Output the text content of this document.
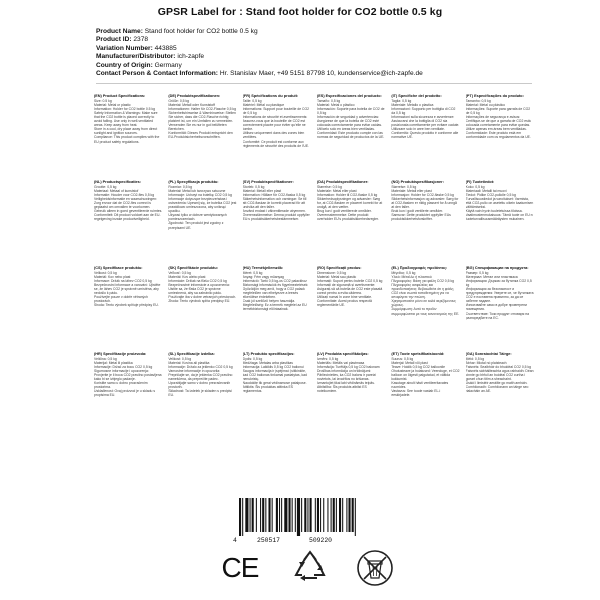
GPSR Label for : Stand foot holder for CO2 bottle 0.5 kg
Product Name: Stand foot holder for CO2 bottle 0.5 kg
Product ID: 2378
Variation Number: 443885
Manufacturer/Distributor: ich-zapfe
Country of Origin: Germany
Contact Person & Contact Information: Hr. Stanislav Maer, +49 5151 87798 10, kundenservice@ich-zapfe.de
(EN) Product Specifications:
Size: 0.5 kg
Material: Metal or plastic
Information: Holder for CO2 bottle 0.5 kg
Safety Information & Warnings: Make sure that the CO2 bottle is placed correctly to avoid falling. Use only in well-ventilated areas. Keep away from heat.
Store in a cool, dry place away from direct sunlight and ignition sources.
Compliance: This product complies with the EU product safety regulations.
(DE) Produktspezifikationen:
Größe: 0,5 kg
Material: Metall oder Kunststoff
Informationen: Halter für CO2-Flasche 0,5 kg
Sicherheitshinweise & Warnhinweise: Stellen Sie sicher, dass die CO2-Flasche richtig platziert ist, um ein Umfallen zu vermeiden.
Verwenden Sie es nur in gut belüfteten Bereichen.
Konformität: Dieses Produkt entspricht den EU-Produktsicherheitsvorschriften.
(FR) Spécifications du produit:
Taille: 0,5 kg
Matériel: Métal ou plastique
Informations: Support pour bouteille de CO2 de 0,5 kg
Informations de sécurité et avertissements: Assurez-vous que la bouteille de CO2 est correctement placée pour éviter qu'elle ne tombe.
Utilisez uniquement dans des zones bien ventilées.
Conformité: Ce produit est conforme aux règlements de sécurité des produits de l'UE.
(ES) Especificaciones del producto:
Tamaño: 0,5 kg
Material: Metal o plástico
Información: Soporte para botella de CO2 de 0,5 kg
Información de seguridad y advertencias: Asegúrese de que la botella de CO2 esté colocada correctamente para evitar caídas.
Utilícelo solo en áreas bien ventiladas.
Conformidad: Este producto cumple con las normas de seguridad de productos de la UE.
(IT) Specifiche del prodotto:
Taglia: 0,5 kg
Materiale: Metallo o plastica
Informazioni: Supporto per bottiglia di CO2 da 0,5 kg
Informazioni sulla sicurezza e avvertenze: Assicurarsi che la bottiglia di CO2 sia posizionata correttamente per evitare cadute.
Utilizzare solo in aree ben ventilate.
Conformità: Questo prodotto è conforme alle normative UE.
(PT) Especificações do produto:
Tamanho: 0,5 kg
Material: Metal ou plástico
Informações: Suporte para garrafa de CO2 de 0,5 kg
Informações de segurança e avisos: Certifique-se de que a garrafa de CO2 está colocada corretamente para evitar quedas.
Utilize apenas em áreas bem ventiladas.
Conformidade: Este produto está em conformidade com os regulamentos da UE.
(NL) Productspecificaties:
Grootte: 0,5 kg
Materiaal: Metaal of kunststof
Informatie: Houder voor CO2-fles 0,5 kg
Veiligheidsinformatie en waarschuwingen: Zorg ervoor dat de CO2-fles correct is geplaatst om omvallen te voorkomen.
Gebruik alleen in goed geventileerde ruimtes.
Conformiteit: Dit product voldoet aan de EU-regelgeving inzake productveiligheid.
(PL) Specyfikacja produktu:
Rozmiar: 0,5 kg
Materiał: Metal lub tworzywo sztuczne
Informacje: Uchwyt na butelkę CO2 0,5 kg
Informacje dotyczące bezpieczeństwa i ostrzeżenia: Upewnij się, że butelka CO2 jest prawidłowo umieszczona, aby uniknąć upadku.
Używać tylko w dobrze wentylowanych pomieszczeniach.
Zgodność: Ten produkt jest zgodny z przepisami UE.
(SV) Produktspecifikationer:
Storlek: 0,5 kg
Material: Metall eller plast
Information: Hållare för CO2-flaska 0,5 kg
Säkerhetsinformation och varningar: Se till att CO2-flaskan är korrekt placerad för att undvika att den faller.
Använd endast i välventilerade utrymmen.
Överensstämmelse: Denna produkt uppfyller EU:s produktsäkerhetsbestämmelser.
(DA) Produktspecifikationer:
Størrelse: 0,5 kg
Materiale: Metal eller plast
Information: Holder til CO2-flaske 0,5 kg
Sikkerhedsoplysninger og advarsler: Sørg for, at CO2-flasken er placeret korrekt for at undgå, at den vælter.
Brug kun i godt ventilerede områder.
Overensstemmelse: Dette produkt overholder EU's produktsikkerhedsregler.
(NO) Produktspesifikasjoner:
Størrelse: 0,5 kg
Materiale: Metall eller plast
Informasjon: Holder for CO2-flaske 0,5 kg
Sikkerhetsinformasjon og advarsler: Sørg for at CO2-flasken er riktig plassert for å unngå at den faller.
Bruk kun i godt ventilerte områder.
Samsvar: Dette produktet oppfyller EUs produktsikkerhetsforskrifter.
(FI) Tuotetiedot:
Koko: 0,5 kg
Materiaali: Metalli tai muovi
Tiedot: Pidike CO2-pullolle 0,5 kg
Turvallisuustiedot ja varoitukset: Varmista, että CO2-pullo on asetettu oikein kaatumisen välttämiseksi.
Käytä vain hyvin tuuletetuissa tiloissa.
Vaatimustenmukaisuus: Tämä tuote on EU:n tuoteturvallisuusmääräysten mukainen.
(CS) Specifikace produktu:
Velikost: 0,5 kg
Materiál: Kov nebo plast
Informace: Držák na láhev CO2 0,5 kg
Bezpečnostní informace a varování: Ujistěte se, že láhev CO2 je správně umístěna, aby nedošlo k pádu.
Používejte pouze v dobře větraných prostorách.
Shoda: Tento výrobek splňuje předpisy EU.
(SK) Špecifikácie produktu:
Veľkosť: 0,5 kg
Materiál: Kov alebo plast
Informácie: Držiak na fľašu CO2 0,5 kg
Bezpečnostné informácie a upozornenia: Uistite sa, že fľaša CO2 je správne umiestnená, aby sa zabránilo pádu.
Používajte iba v dobre vetraných priestoroch.
Zhoda: Tento výrobok spĺňa predpisy EÚ.
(HU) Termékjellemzők:
Méret: 0,5 kg
Anyag: Fém vagy műanyag
Információ: Tartó 0,5 kg-os CO2 palackhoz
Biztonsági információk és figyelmeztetések: Győződjön meg arról, hogy a CO2 palack megfelelően van elhelyezve a leesés elkerülése érdekében.
Csak jól szellőző helyen használja.
Megfelelőség: Ez a termék megfelel az EU termékbiztonsági előírásainak.
(RO) Specificații produs:
Dimensiune: 0,5 kg
Material: Metal sau plastic
Informații: Suport pentru butelie CO2 0,5 kg
Informații de siguranță și avertismente: Asigurați-vă că butelia de CO2 este plasată corect pentru a evita căderea.
Utilizați numai în zone bine ventilate.
Conformitate: Acest produs respectă reglementările UE.
(EL) Προδιαγραφές προϊόντος:
Μέγεθος: 0,5 kg
Υλικό: Μέταλλο ή πλαστικό
Πληροφορίες: Βάση για φιάλη CO2 0,5 kg
Πληροφορίες ασφαλείας και προειδοποιήσεις: Βεβαιωθείτε ότι η φιάλη CO2 είναι σωστά τοποθετημένη για να αποφύγετε την πτώση.
Χρησιμοποιείτε μόνο σε καλά αεριζόμενους χώρους.
Συμμόρφωση: Αυτό το προϊόν συμμορφώνεται με τους κανονισμούς της ΕΕ.
(BG) Спецификации на продукта:
Размер: 0,5 kg
Материал: Метал или пластмаса
Информация: Държач за бутилка CO2 0,5 kg
Информация за безопасност и предупреждения: Уверете се, че бутилката CO2 е поставена правилно, за да се избегне падане.
Използвайте само в добре проветрени помещения.
Съответствие: Този продукт отговаря на разпоредбите на ЕС.
(HR) Specifikacije proizvoda:
Veličina: 0,5 kg
Materijal: Metal ili plastika
Informacije: Držač za bocu CO2 0,5 kg
Sigurnosne informacije i upozorenja: Provjerite je li boca CO2 pravilno postavljena kako bi se izbjeglo padanje.
Koristite samo u dobro prozračenim prostorima.
Usklađenost: Ovaj proizvod je u skladu s propisima EU.
(SL) Specifikacije izdelka:
Velikost: 0,5 kg
Material: Kovina ali plastika
Informacije: Držalo za jeklenko CO2 0,5 kg
Varnostne informacije in opozorila: Prepričajte se, da je jeklenka CO2 pravilno nameščena, da preprečite padec.
Uporabljajte samo v dobro prezračevanih prostorih.
Skladnost: Ta izdelek je skladen s predpisi EU.
(LT) Produkto specifikacijos:
Dydis: 0,5 kg
Medžiaga: Metalas arba plastikas
Informacija: Laikiklis 0,5 kg CO2 balionui
Saugos informacija ir įspėjimai: Įsitikinkite, kad CO2 balionas tinkamai pastatytas, kad nenukristų.
Naudokite tik gerai vėdinamose patalpose.
Atitiktis: Šis produktas atitinka ES reglamentus.
(LV) Produkta specifikācijas:
Izmērs: 0,5 kg
Materiāls: Metāls vai plastmasa
Informācija: Turētājs 0,5 kg CO2 balonam
Drošības informācija un brīdinājumi: Pārliecinieties, ka CO2 balons ir pareizi novietots, lai izvairītos no krišanas.
Izmantojiet tikai labi vēdināmās telpās.
Atbilstība: Šis produkts atbilst ES noteikumiem.
(ET) Toote spetsifikatsioonid:
Suurus: 0,5 kg
Materjal: Metall või plast
Teave: Hoidik 0,5 kg CO2 balloonile
Ohutusteave ja hoiatused: Veenduge, et CO2 balloon on õigesti paigutatud, et vältida kukkumist.
Kasutage ainult hästi ventileeritavates ruumides.
Vastavus: See toode vastab EL-i eeskirjadele.
(GA) Sonraíochtaí Táirge:
Méid: 0,5 kg
Ábhar: Miotal nó plaisteach
Faisnéis: Sealbhóir do bhuidéal CO2 0,5 kg
Faisnéis sábháilteachta agus rabhaidh: Déan cinnte go bhfuil an buidéal CO2 curtha i gceart chun titim a sheachaint.
Úsáid i limistéir aeráilte go maith amháin.
Comhlíonadh: Comhlíonann an táirge seo rialacháin an AE.
4	250517	509220
CE
